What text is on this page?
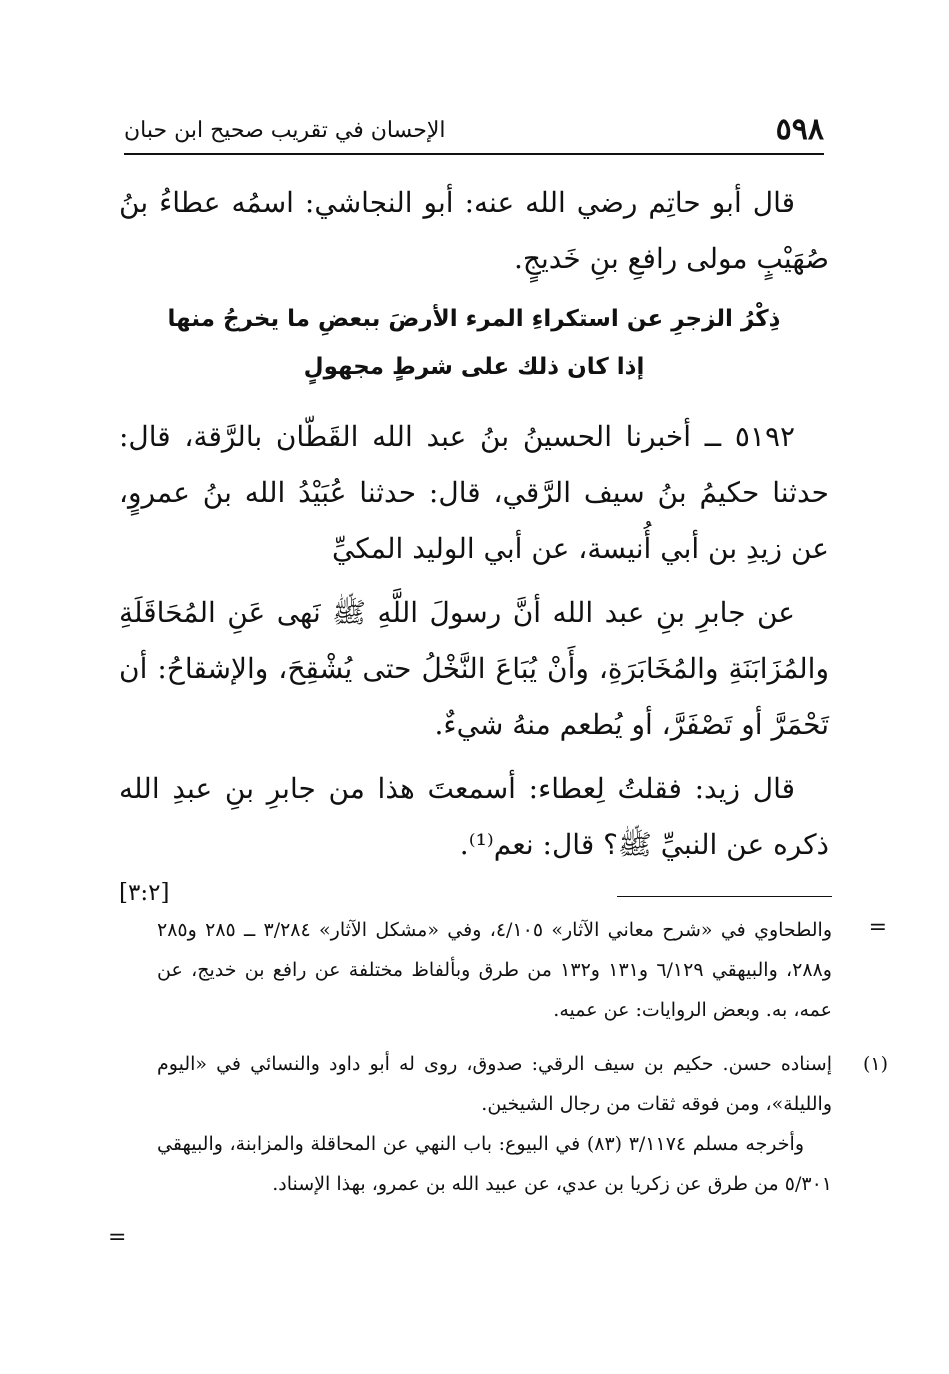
٥٩٨
الإحسان في تقريب صحيح ابن حبان

قال أبو حاتِم رضي الله عنه: أبو النجاشي: اسمُه عطاءُ بنُ صُهَيْبٍ مولى رافعِ بنِ خَديجٍ.

ذِكْرُ الزجرِ عن استكراءِ المرء الأرضَ ببعضِ ما يخرجُ منها
إذا كان ذلك على شرطٍ مجهولٍ

٥١٩٢ ــ أخبرنا الحسينُ بنُ عبد الله القَطّان بالرَّقة، قال: حدثنا حكيمُ بنُ سيف الرَّقي، قال: حدثنا عُبَيْدُ الله بنُ عمروٍ، عن زيدِ بن أبي أُنيسة، عن أبي الوليد المكيِّ

عن جابرِ بنِ عبد الله أنَّ رسولَ اللَّهِ ﷺ نَهى عَنِ المُحَاقَلَةِ والمُزَابَنَةِ والمُخَابَرَةِ، وأَنْ يُبَاعَ النَّخْلُ حتى يُشْقِحَ، والإشقاحُ: أن تَحْمَرَّ أو تَصْفَرَّ، أو يُطعم منهُ شيءٌ.

قال زيد: فقلتُ لِعطاء: أسمعتَ هذا من جابرِ بنِ عبدِ الله ذكره عن النبيِّ ﷺ؟ قال: نعم⁽¹⁾.

[٣:٢]
=

والطحاوي في «شرح معاني الآثار» ٤/١٠٥، وفي «مشكل الآثار» ٣/٢٨٤ ــ ٢٨٥ و٢٨٥ و٢٨٨، والبيهقي ٦/١٢٩ و١٣١ و١٣٢ من طرق وبألفاظ مختلفة عن رافع بن خديج، عن عمه، به. وبعض الروايات: عن عميه.

(١)

إسناده حسن. حكيم بن سيف الرقي: صدوق، روى له أبو داود والنسائي في «اليوم والليلة»، ومن فوقه ثقات من رجال الشيخين.

وأخرجه مسلم ٣/١١٧٤ (٨٣) في البيوع: باب النهي عن المحاقلة والمزابنة، والبيهقي ٥/٣٠١ من طرق عن زكريا بن عدي، عن عبيد الله بن عمرو، بهذا الإسناد.

=
